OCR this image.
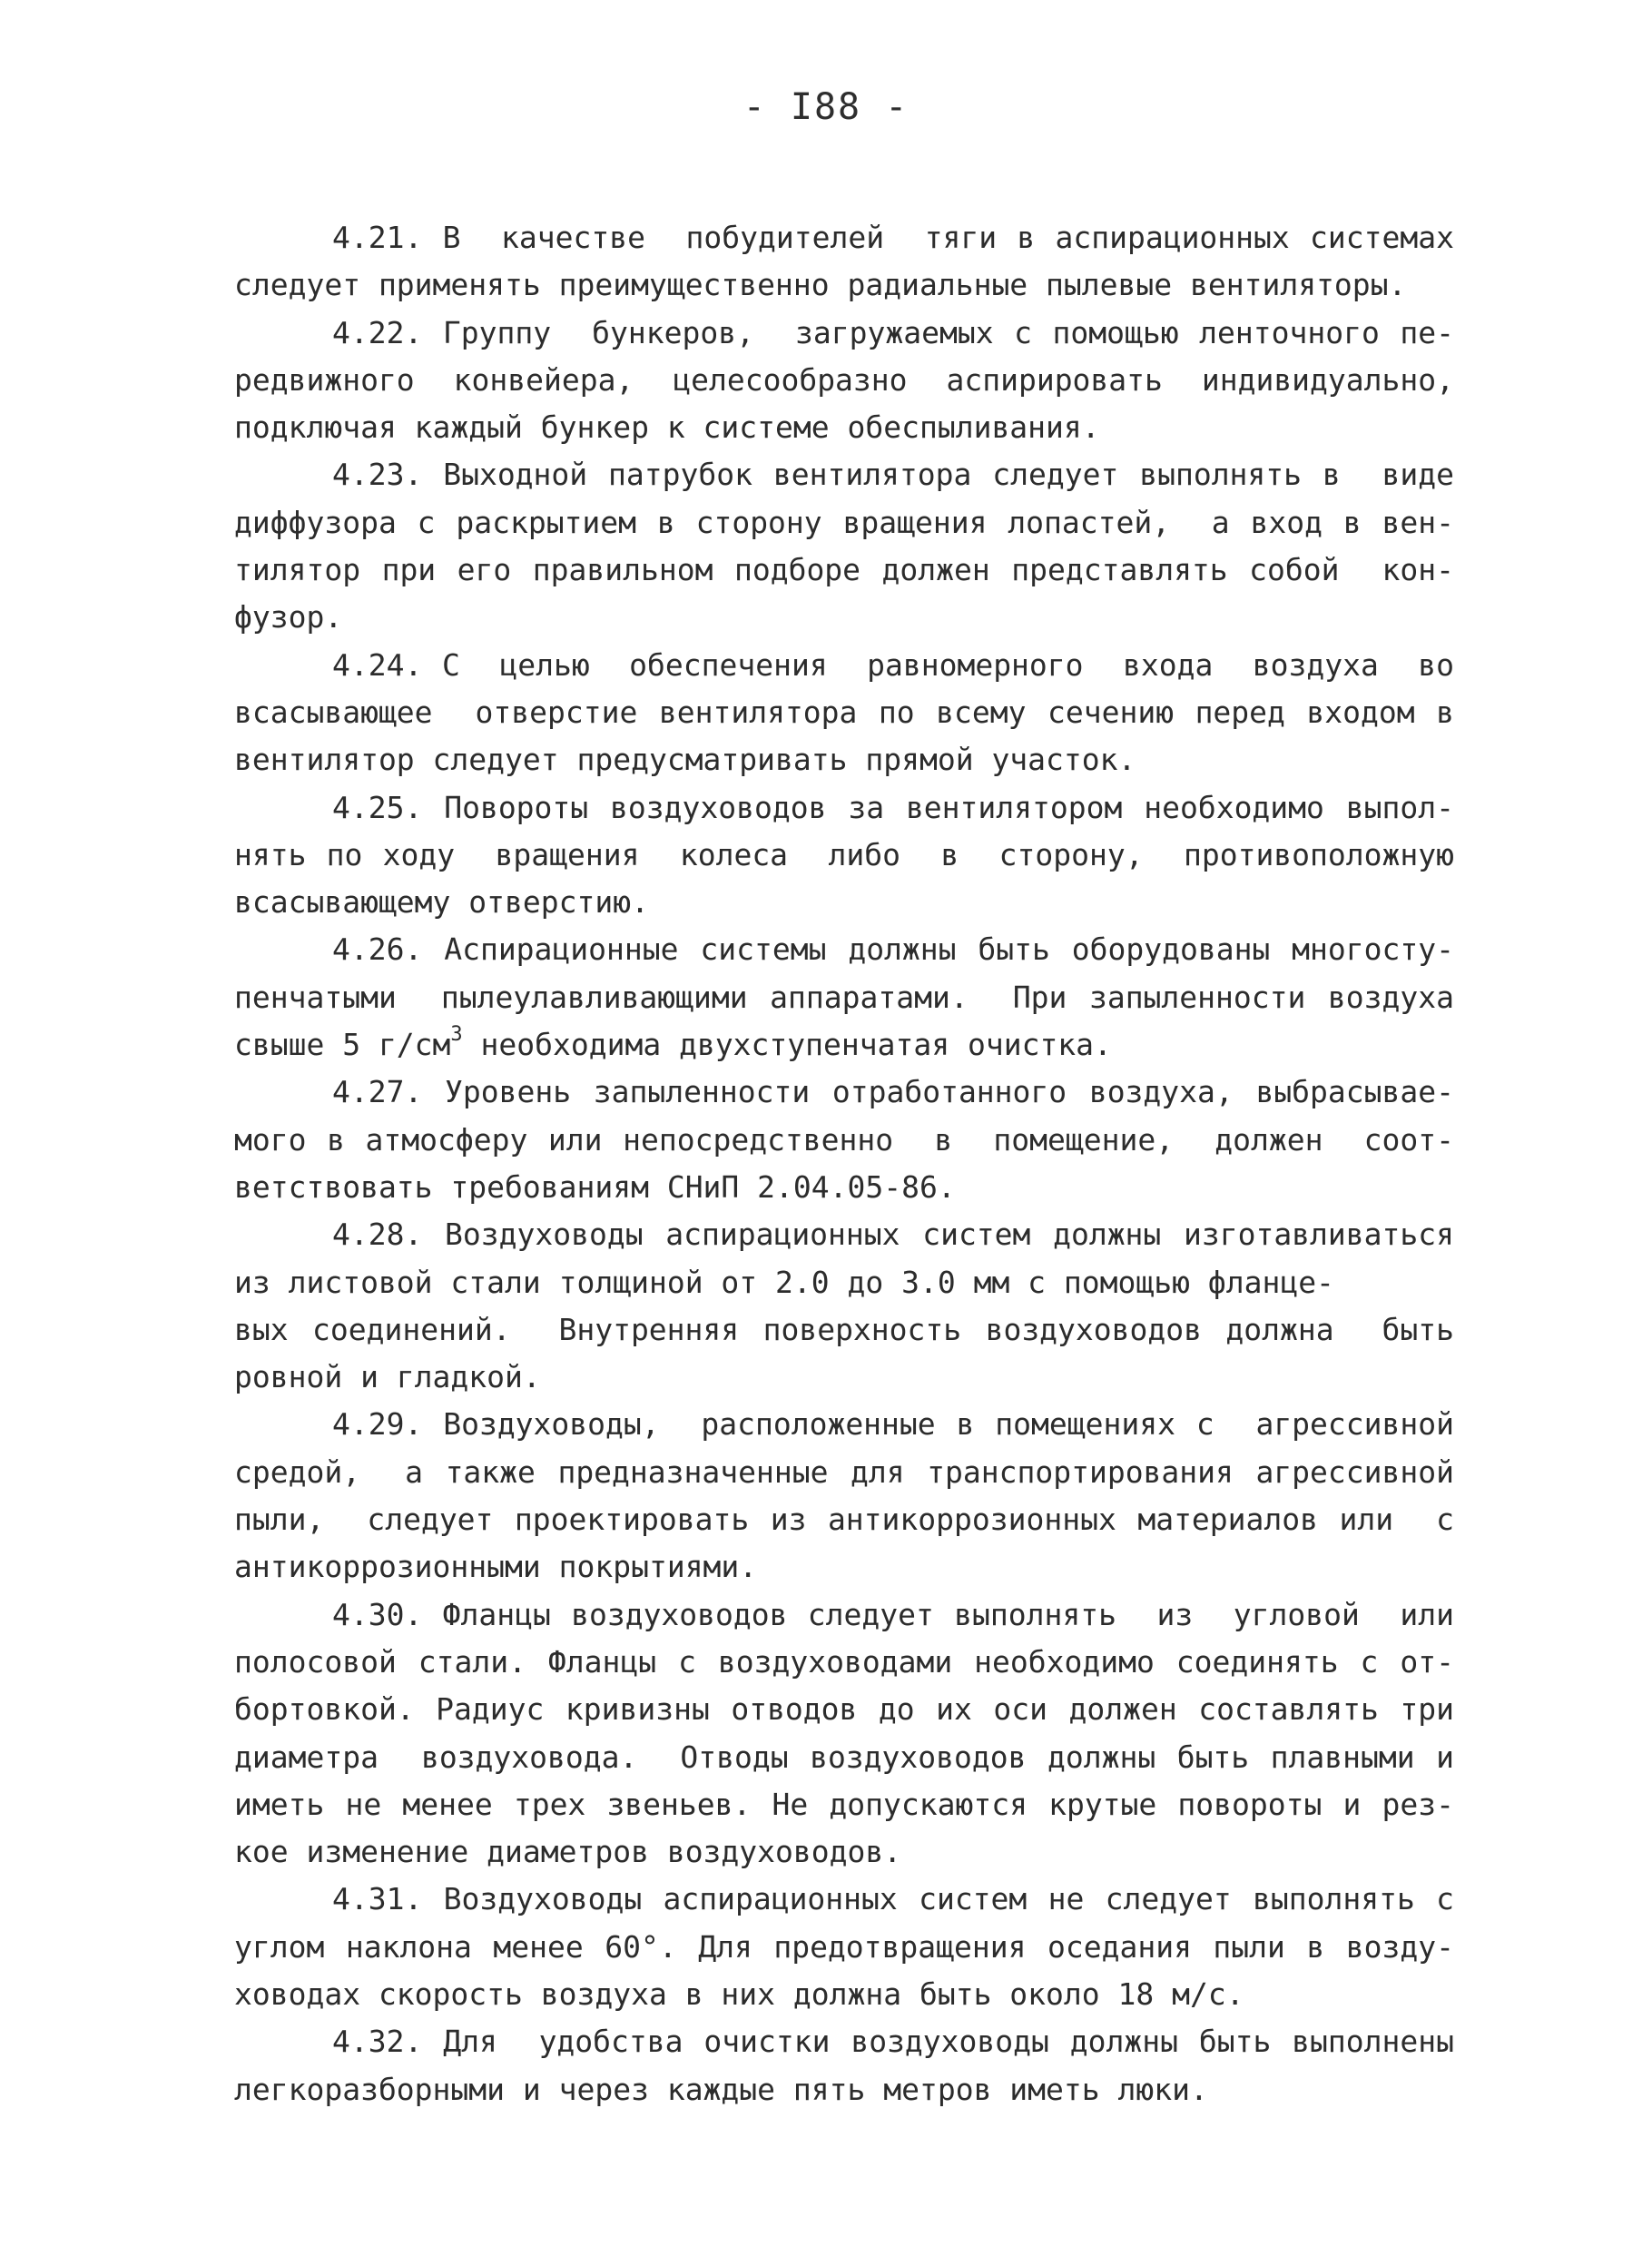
- I88 -
4.21. В  качестве  побудителей  тяги в аспирационных системах
следует применять преимущественно радиальные пылевые вентиляторы.
4.22. Группу  бункеров,  загружаемых с помощью ленточного пе-
редвижного конвейера, целесообразно аспирировать индивидуально,
подключая каждый бункер к системе обеспыливания.
4.23. Выходной патрубок вентилятора следует выполнять в  виде
диффузора с раскрытием в сторону вращения лопастей,  а вход в вен-
тилятор при его правильном подборе должен представлять собой  кон-
фузор.
4.24. С  целью  обеспечения  равномерного  входа  воздуха  во
всасывающее  отверстие вентилятора по всему сечению перед входом в
вентилятор следует предусматривать прямой участок.
4.25. Повороты воздуховодов за вентилятором необходимо выпол-
нять по ходу  вращения  колеса  либо  в  сторону,  противоположную
всасывающему отверстию.
4.26. Аспирационные системы должны быть оборудованы многосту-
пенчатыми  пылеулавливающими аппаратами.  При запыленности воздуха
свыше 5 $г/см^3$ необходима двухступенчатая очистка.
4.27. Уровень запыленности отработанного воздуха, выбрасывае-
мого в атмосферу или непосредственно  в  помещение,  должен  соот-
ветствовать требованиям СНиП 2.04.05-86.
4.28. Воздуховоды аспирационных систем должны изготавливаться
из листовой стали толщиной от 2.0 до 3.0 мм с помощью фланце-
вых соединений.  Внутренняя поверхность воздуховодов должна  быть
ровной и гладкой.
4.29. Воздуховоды,  расположенные в помещениях с  агрессивной
средой,  а также предназначенные для транспортирования агрессивной
пыли,  следует проектировать из антикоррозионных материалов или  с
антикоррозионными покрытиями.
4.30. Фланцы воздуховодов следует выполнять  из  угловой  или
полосовой стали. Фланцы с воздуховодами необходимо соединять с от-
бортовкой. Радиус кривизны отводов до их оси должен составлять три
диаметра  воздуховода.  Отводы воздуховодов должны быть плавными и
иметь не менее трех звеньев. Не допускаются крутые повороты и рез-
кое изменение диаметров воздуховодов.
4.31. Воздуховоды аспирационных систем не следует выполнять с
углом наклона менее 60°. Для предотвращения оседания пыли в возду-
ховодах скорость воздуха в них должна быть около 18 м/с.
4.32. Для  удобства очистки воздуховоды должны быть выполнены
легкоразборными и через каждые пять метров иметь люки.
